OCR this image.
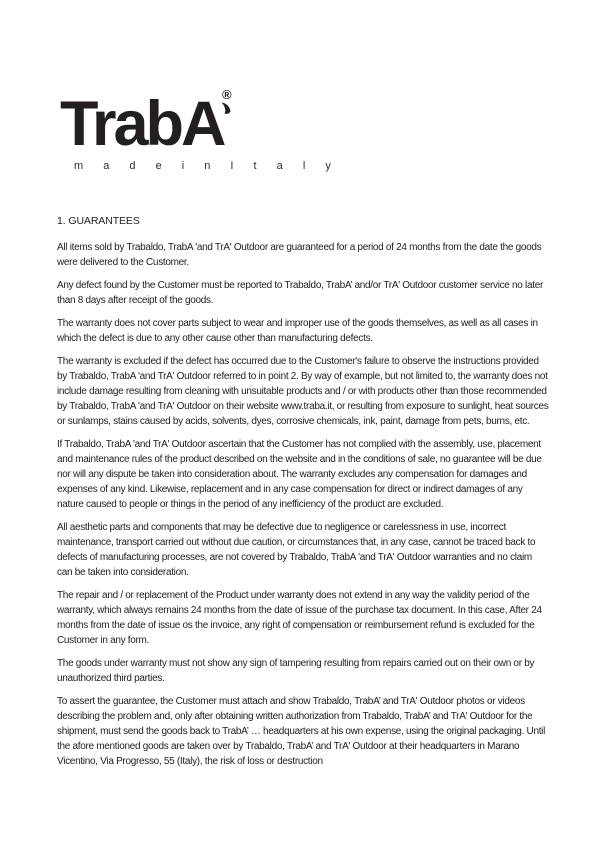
TrabA
®
m a d e i n I t a l y
1. GUARANTEES

All items sold by Trabaldo, TrabA 'and TrA' Outdoor are guaranteed for a period of 24 months from the date the goods were delivered to the Customer.

Any defect found by the Customer must be reported to Trabaldo, TrabA’ and/or TrA' Outdoor customer service no later than 8 days after receipt of the goods.

The warranty does not cover parts subject to wear and improper use of the goods themselves, as well as all cases in which the defect is due to any other cause other than manufacturing defects.

The warranty is excluded if the defect has occurred due to the Customer's failure to observe the instructions provided by Trabaldo, TrabA 'and TrA' Outdoor referred to in point 2. By way of example, but not limited to, the warranty does not include damage resulting from cleaning with unsuitable products and / or with products other than those recommended by Trabaldo, TrabA 'and TrA' Outdoor on their website www.traba.it, or resulting from exposure to sunlight, heat sources or sunlamps, stains caused by acids, solvents, dyes, corrosive chemicals, ink, paint, damage from pets, burns, etc.

If Trabaldo, TrabA 'and TrA' Outdoor ascertain that the Customer has not complied with the assembly, use, placement and maintenance rules of the product described on the website and in the conditions of sale, no guarantee will be due nor will any dispute be taken into consideration about. The warranty excludes any compensation for damages and expenses of any kind. Likewise, replacement and in any case compensation for direct or indirect damages of any nature caused to people or things in the period of any inefficiency of the product are excluded.

All aesthetic parts and components that may be defective due to negligence or carelessness in use, incorrect maintenance, transport carried out without due caution, or circumstances that, in any case, cannot be traced back to defects of manufacturing processes, are not covered by Trabaldo, TrabA 'and TrA' Outdoor warranties and no claim can be taken into consideration.

The repair and / or replacement of the Product under warranty does not extend in any way the validity period of the warranty, which always remains 24 months from the date of issue of the purchase tax document. In this case, After 24 months from the date of issue os the invoice, any right of compensation or reimbursement refund is excluded for the Customer in any form.

The goods under warranty must not show any sign of tampering resulting from repairs carried out on their own or by unauthorized third parties.

To assert the guarantee, the Customer must attach and show Trabaldo, TrabA’ and TrA' Outdoor photos or videos describing the problem and, only after obtaining written authorization from Trabaldo, TrabA’ and TrA' Outdoor for the shipment, must send the goods back to TrabA’ … headquarters at his own expense, using the original packaging. Until the afore mentioned goods are taken over by Trabaldo, TrabA’ and TrA' Outdoor at their headquarters in Marano Vicentino, Via Progresso, 55 (Italy), the risk of loss or destruction
